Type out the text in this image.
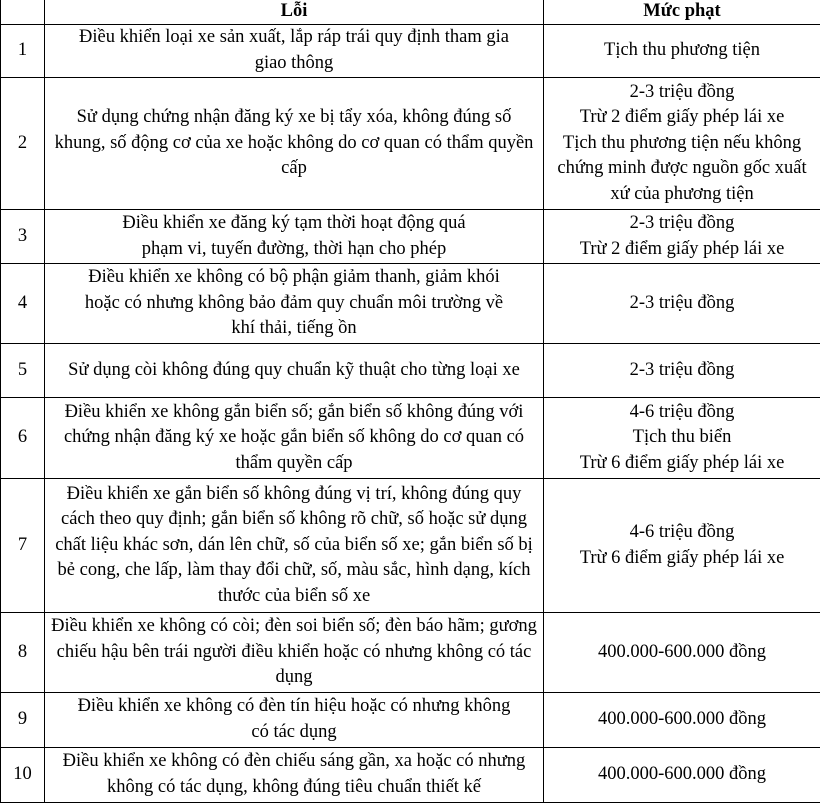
	Lỗi	Mức phạt
1	Điều khiển loại xe sản xuất, lắp ráp trái quy định tham gia giao thông	Tịch thu phương tiện

2	Sử dụng chứng nhận đăng ký xe bị tẩy xóa, không đúng số khung, số động cơ của xe hoặc không do cơ quan có thẩm quyền cấp	2-3 triệu đồng
Trừ 2 điểm giấy phép lái xe
Tịch thu phương tiện nếu không chứng minh được nguồn gốc xuất xứ của phương tiện

3	Điều khiển xe đăng ký tạm thời hoạt động quá phạm vi, tuyến đường, thời hạn cho phép	2-3 triệu đồng
Trừ 2 điểm giấy phép lái xe

4	Điều khiển xe không có bộ phận giảm thanh, giảm khói hoặc có nhưng không bảo đảm quy chuẩn môi trường về khí thải, tiếng ồn	2-3 triệu đồng

5	Sử dụng còi không đúng quy chuẩn kỹ thuật cho từng loại xe	2-3 triệu đồng

6	Điều khiển xe không gắn biển số; gắn biển số không đúng với chứng nhận đăng ký xe hoặc gắn biển số không do cơ quan có thẩm quyền cấp	4-6 triệu đồng
Tịch thu biển
Trừ 6 điểm giấy phép lái xe

7	Điều khiển xe gắn biển số không đúng vị trí, không đúng quy cách theo quy định; gắn biển số không rõ chữ, số hoặc sử dụng chất liệu khác sơn, dán lên chữ, số của biển số xe; gắn biển số bị bẻ cong, che lấp, làm thay đổi chữ, số, màu sắc, hình dạng, kích thước của biển số xe	4-6 triệu đồng
Trừ 6 điểm giấy phép lái xe

8	Điều khiển xe không có còi; đèn soi biển số; đèn báo hãm; gương chiếu hậu bên trái người điều khiển hoặc có nhưng không có tác dụng	400.000-600.000 đồng

9	Điều khiển xe không có đèn tín hiệu hoặc có nhưng không có tác dụng	400.000-600.000 đồng

10	Điều khiển xe không có đèn chiếu sáng gần, xa hoặc có nhưng không có tác dụng, không đúng tiêu chuẩn thiết kế	400.000-600.000 đồng
